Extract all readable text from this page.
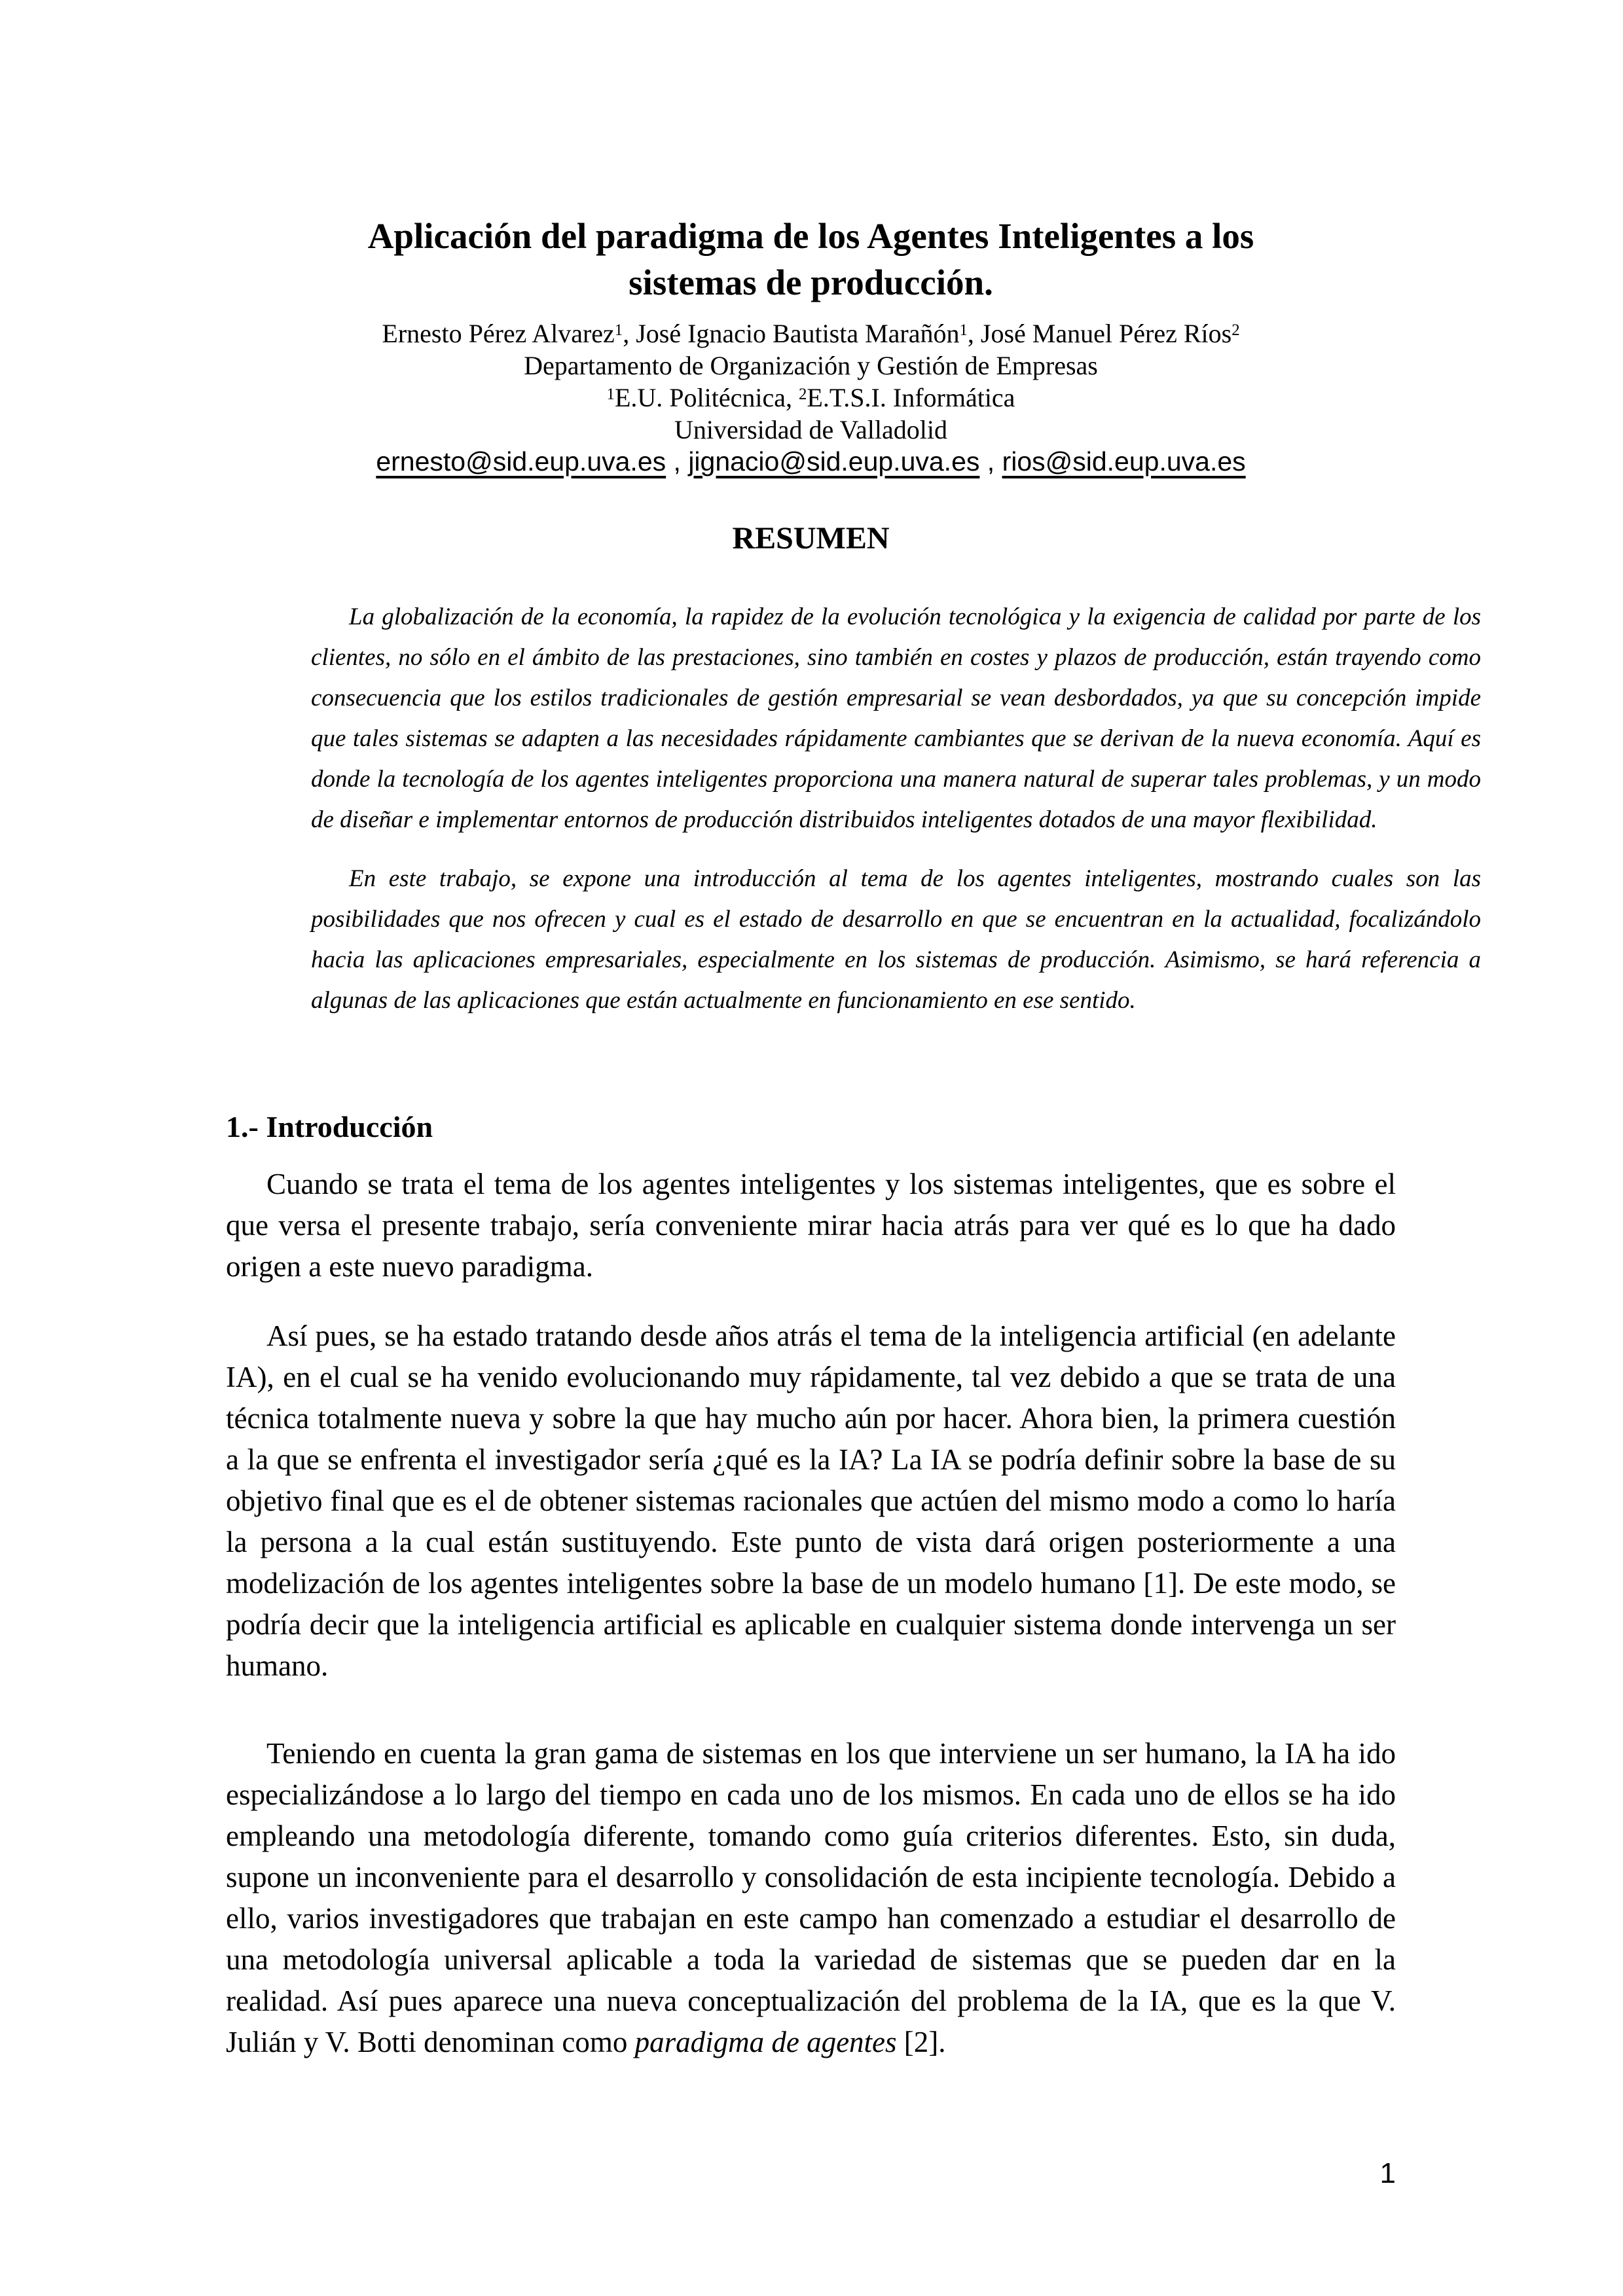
Aplicación del paradigma de los Agentes Inteligentes a los
sistemas de producción.
Ernesto Pérez Alvarez$^1$, José Ignacio Bautista Marañón$^1$, José Manuel Pérez Ríos$^2$
Departamento de Organización y Gestión de Empresas
$^1$E.U. Politécnica, $^2$E.T.S.I. Informática
Universidad de Valladolid
ernesto@sid.eup.uva.es , jignacio@sid.eup.uva.es , rios@sid.eup.uva.es
RESUMEN

La globalización de la economía, la rapidez de la evolución tecnológica y la exigencia de calidad por parte de los clientes, no sólo en el ámbito de las prestaciones, sino también en costes y plazos de producción, están trayendo como consecuencia que los estilos tradicionales de gestión empresarial se vean desbordados, ya que su concepción impide que tales sistemas se adapten a las necesidades rápidamente cambiantes que se derivan de la nueva economía. Aquí es donde la tecnología de los agentes inteligentes proporciona una manera natural de superar tales problemas, y un modo de diseñar e implementar entornos de producción distribuidos inteligentes dotados de una mayor flexibilidad.

En este trabajo, se expone una introducción al tema de los agentes inteligentes, mostrando cuales son las posibilidades que nos ofrecen y cual es el estado de desarrollo en que se encuentran en la actualidad, focalizándolo hacia las aplicaciones empresariales, especialmente en los sistemas de producción. Asimismo, se hará referencia a algunas de las aplicaciones que están actualmente en funcionamiento en ese sentido.

1.- Introducción

Cuando se trata el tema de los agentes inteligentes y los sistemas inteligentes, que es sobre el que versa el presente trabajo, sería conveniente mirar hacia atrás para ver qué es lo que ha dado origen a este nuevo paradigma.

Así pues, se ha estado tratando desde años atrás el tema de la inteligencia artificial (en adelante IA), en el cual se ha venido evolucionando muy rápidamente, tal vez debido a que se trata de una técnica totalmente nueva y sobre la que hay mucho aún por hacer. Ahora bien, la primera cuestión a la que se enfrenta el investigador sería ¿qué es la IA? La IA se podría definir sobre la base de su objetivo final que es el de obtener sistemas racionales que actúen del mismo modo a como lo haría la persona a la cual están sustituyendo. Este punto de vista dará origen posteriormente a una modelización de los agentes inteligentes sobre la base de un modelo humano [1]. De este modo, se podría decir que la inteligencia artificial es aplicable en cualquier sistema donde intervenga un ser humano.

Teniendo en cuenta la gran gama de sistemas en los que interviene un ser humano, la IA ha ido especializándose a lo largo del tiempo en cada uno de los mismos. En cada uno de ellos se ha ido empleando una metodología diferente, tomando como guía criterios diferentes. Esto, sin duda, supone un inconveniente para el desarrollo y consolidación de esta incipiente tecnología. Debido a ello, varios investigadores que trabajan en este campo han comenzado a estudiar el desarrollo de una metodología universal aplicable a toda la variedad de sistemas que se pueden dar en la realidad. Así pues aparece una nueva conceptualización del problema de la IA, que es la que V. Julián y V. Botti denominan como paradigma de agentes [2].

1
